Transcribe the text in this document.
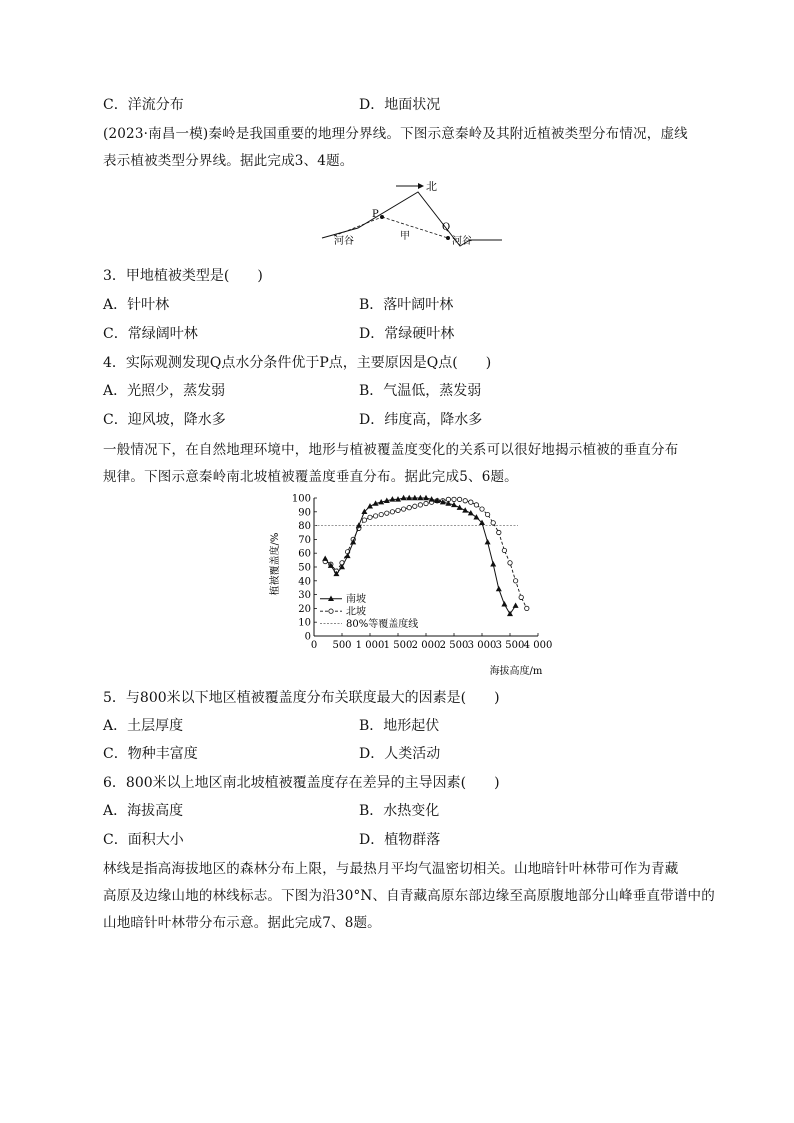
C．洋流分布	D．地面状况
(2023·南昌一模)秦岭是我国重要的地理分界线。下图示意秦岭及其附近植被类型分布情况，虚线
表示植被类型分界线。据此完成3、4题。
北
P
Q
甲
河谷	河谷
3．甲地植被类型是(　　)
A．针叶林	B．落叶阔叶林
C．常绿阔叶林	D．常绿硬叶林
4．实际观测发现Q点水分条件优于P点，主要原因是Q点(　　)
A．光照少，蒸发弱	B．气温低，蒸发弱
C．迎风坡，降水多	D．纬度高，降水多
一般情况下，在自然地理环境中，地形与植被覆盖度变化的关系可以很好地揭示植被的垂直分布
规律。下图示意秦岭南北坡植被覆盖度垂直分布。据此完成5、6题。
0
10
20
30
40
50
60
70
80
90
100
0 500 1 000 1 500 2 000 2 500 3 000 3 500 4 000
南坡
北坡
80%等覆盖度线
植被覆盖度/%
海拔高度/m
5．与800米以下地区植被覆盖度分布关联度最大的因素是(　　)
A．土层厚度	B．地形起伏
C．物种丰富度	D．人类活动
6．800米以上地区南北坡植被覆盖度存在差异的主导因素(　　)
A．海拔高度	B．水热变化
C．面积大小	D．植物群落
林线是指高海拔地区的森林分布上限，与最热月平均气温密切相关。山地暗针叶林带可作为青藏
高原及边缘山地的林线标志。下图为沿30°N、自青藏高原东部边缘至高原腹地部分山峰垂直带谱中的
山地暗针叶林带分布示意。据此完成7、8题。
